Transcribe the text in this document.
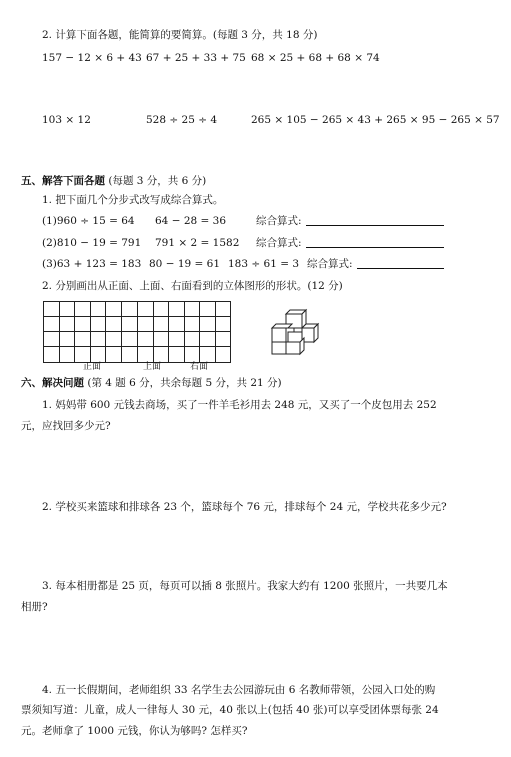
2. 计算下面各题，能简算的要简算。(每题 3 分，共 18 分)
157 − 12 × 6 + 43 67 + 25 + 33 + 75 68 × 25 + 68 + 68 × 74
103 × 12	528 ÷ 25 ÷ 4	265 × 105 − 265 × 43 + 265 × 95 − 265 × 57
五、解答下面各题 (每题 3 分，共 6 分)
1. 把下面几个分步式改写成综合算式。
(1)960 ÷ 15 = 64 64 − 28 = 36	综合算式:
(2)810 − 19 = 791 791 × 2 = 1582 综合算式:
(3)63 + 123 = 183 80 − 19 = 61 183 ÷ 61 = 3 综合算式:
2. 分别画出从正面、上面、右面看到的立体图形的形状。(12 分)
正面	上面	右面
六、解决问题 (第 4 题 6 分，共余每题 5 分，共 21 分)
1. 妈妈带 600 元钱去商场，买了一件羊毛衫用去 248 元，又买了一个皮包用去 252
元，应找回多少元?
2. 学校买来篮球和排球各 23 个，篮球每个 76 元，排球每个 24 元，学校共花多少元?
3. 每本相册都是 25 页，每页可以插 8 张照片。我家大约有 1200 张照片，一共要几本
相册?
4. 五一长假期间，老师组织 33 名学生去公园游玩由 6 名教师带领，公园入口处的购
票须知写道：儿童，成人一律每人 30 元，40 张以上(包括 40 张)可以享受团体票每张 24
元。老师拿了 1000 元钱，你认为够吗? 怎样买?
